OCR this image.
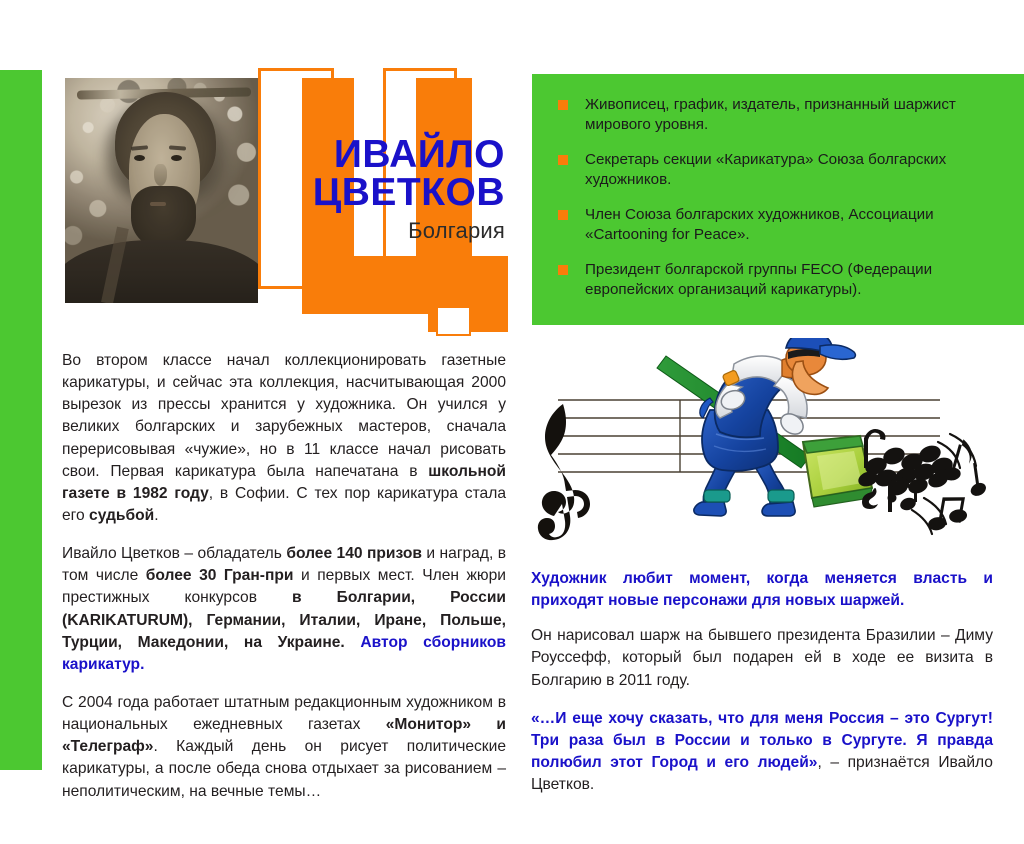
ИВАЙЛО
ЦВЕТКОВ
Болгария
Живописец, график, издатель, признанный шаржист мирового уровня.
Секретарь секции «Карикатура» Союза болгарских художников.
Член Союза болгарских художников, Ассоциации «Cartooning for Peace».
Президент болгарской группы FECO (Федерации европейских организаций карикатуры).

Во втором классе начал коллекционировать газетные карикатуры, и сейчас эта коллекция, насчитывающая 2000 вырезок из прессы хранится у художника. Он учился у великих болгарских и зарубежных мастеров, сначала перерисовывая «чужие», но в 11 классе начал рисовать свои. Первая карикатура была напечатана в школьной газете в 1982 году, в Софии. С тех пор карикатура стала его судьбой.

Ивайло Цветков – обладатель более 140 призов и наград, в том числе более 30 Гран-при и первых мест. Член жюри престижных конкурсов в Болгарии, России (KARIKATURUM), Германии, Италии, Иране, Польше, Турции, Македонии, на Украине. Автор сборников карикатур.

С 2004 года работает штатным редакционным художником в национальных ежедневных газетах «Монитор» и «Телеграф». Каждый день он рисует политические карикатуры, а после обеда снова отдыхает за рисованием – неполитическим, на вечные темы…

Художник любит момент, когда меняется власть и приходят новые персонажи для новых шаржей.

Он нарисовал шарж на бывшего президента Бразилии – Диму Роуссефф, который был подарен ей в ходе ее визита в Болгарию в 2011 году.

«…И еще хочу сказать, что для меня Россия – это Сургут! Три раза был в России и только в Сургуте. Я правда полюбил этот Город и его людей», – признаётся Ивайло Цветков.
